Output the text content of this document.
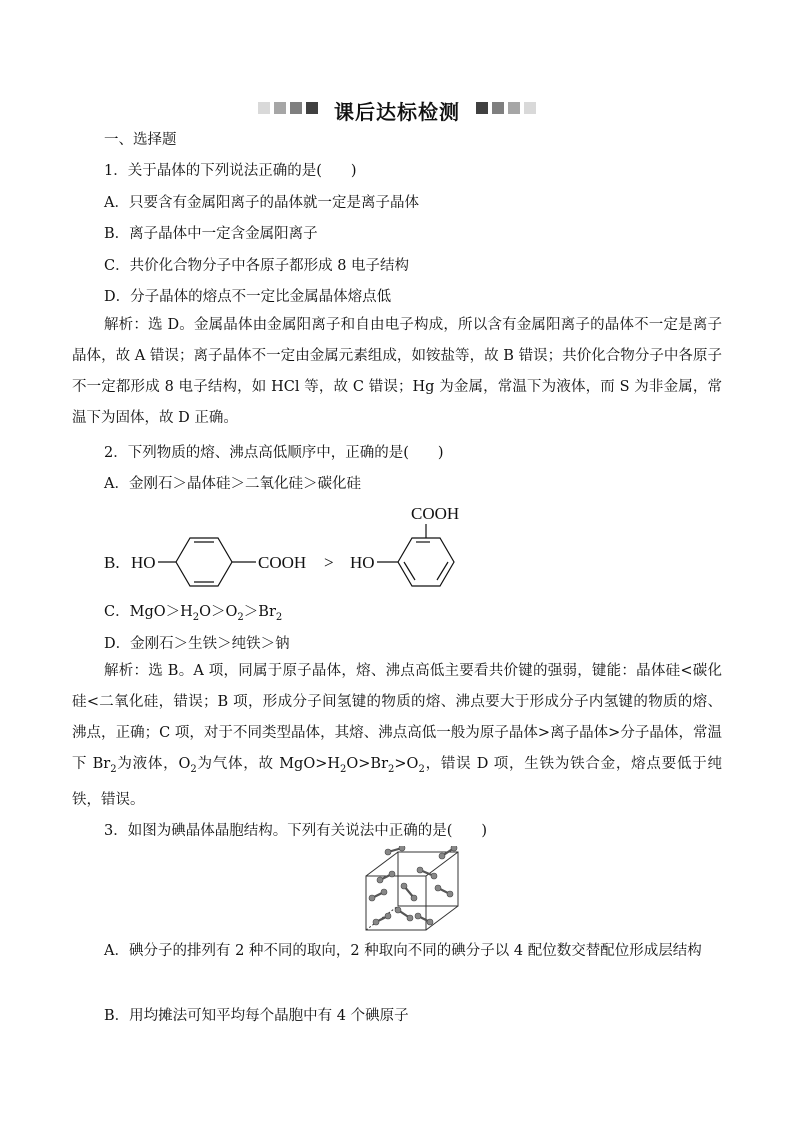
课后达标检测
一、选择题
1．关于晶体的下列说法正确的是(　　)
A．只要含有金属阳离子的晶体就一定是离子晶体
B．离子晶体中一定含金属阳离子
C．共价化合物分子中各原子都形成 8 电子结构
D．分子晶体的熔点不一定比金属晶体熔点低
解析：选 D。金属晶体由金属阳离子和自由电子构成，所以含有金属阳离子的晶体不一定是离子晶体，故 A 错误；离子晶体不一定由金属元素组成，如铵盐等，故 B 错误；共价化合物分子中各原子不一定都形成 8 电子结构，如 HCl 等，故 C 错误；Hg 为金属，常温下为液体，而 S 为非金属，常温下为固体，故 D 正确。
2．下列物质的熔、沸点高低顺序中，正确的是(　　)
A．金刚石＞晶体硅＞二氧化硅＞碳化硅
B. HO	COOH > HO
COOH
C．$MgO>H_2O>O_2>Br_2$
D．金刚石＞生铁＞纯铁＞钠
解析：选 B。A 项，同属于原子晶体，熔、沸点高低主要看共价键的强弱，键能：晶体硅<碳化硅<二氧化硅，错误；B 项，形成分子间氢键的物质的熔、沸点要大于形成分子内氢键的物质的熔、沸点，正确；C 项，对于不同类型晶体，其熔、沸点高低一般为原子晶体>离子晶体>分子晶体，常温下 $Br_2$为液体，$O_2$为气体，故 $MgO>H_2O>Br_2>O_2$，错误 D 项，生铁为铁合金，熔点要低于纯铁，错误。
3．如图为碘晶体晶胞结构。下列有关说法中正确的是(　　)
A．碘分子的排列有 2 种不同的取向，2 种取向不同的碘分子以 4 配位数交替配位形成层结构
B．用均摊法可知平均每个晶胞中有 4 个碘原子
